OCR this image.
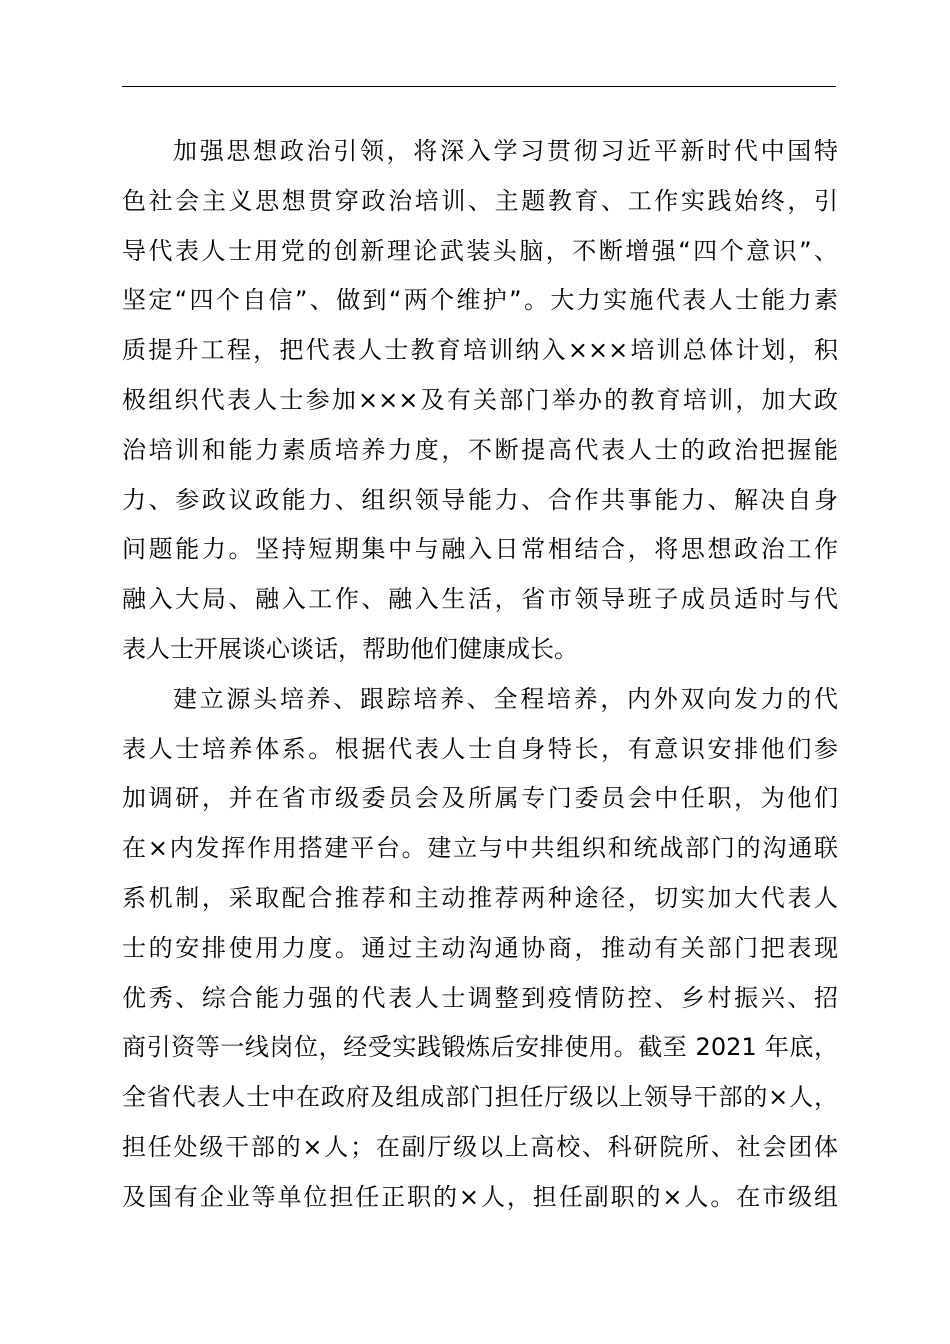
加强思想政治引领，将深入学习贯彻习近平新时代中国特
色社会主义思想贯穿政治培训、主题教育、工作实践始终，引
导代表人士用党的创新理论武装头脑，不断增强“四个意识”、
坚定“四个自信”、做到“两个维护”。大力实施代表人士能力素
质提升工程，把代表人士教育培训纳入×××培训总体计划，积
极组织代表人士参加×××及有关部门举办的教育培训，加大政
治培训和能力素质培养力度，不断提高代表人士的政治把握能
力、参政议政能力、组织领导能力、合作共事能力、解决自身
问题能力。坚持短期集中与融入日常相结合，将思想政治工作
融入大局、融入工作、融入生活，省市领导班子成员适时与代
表人士开展谈心谈话，帮助他们健康成长。
建立源头培养、跟踪培养、全程培养，内外双向发力的代
表人士培养体系。根据代表人士自身特长，有意识安排他们参
加调研，并在省市级委员会及所属专门委员会中任职，为他们
在×内发挥作用搭建平台。建立与中共组织和统战部门的沟通联
系机制，采取配合推荐和主动推荐两种途径，切实加大代表人
士的安排使用力度。通过主动沟通协商，推动有关部门把表现
优秀、综合能力强的代表人士调整到疫情防控、乡村振兴、招
商引资等一线岗位，经受实践锻炼后安排使用。截至 2021 年底，
全省代表人士中在政府及组成部门担任厅级以上领导干部的×人，
担任处级干部的×人；在副厅级以上高校、科研院所、社会团体
及国有企业等单位担任正职的×人，担任副职的×人。在市级组
